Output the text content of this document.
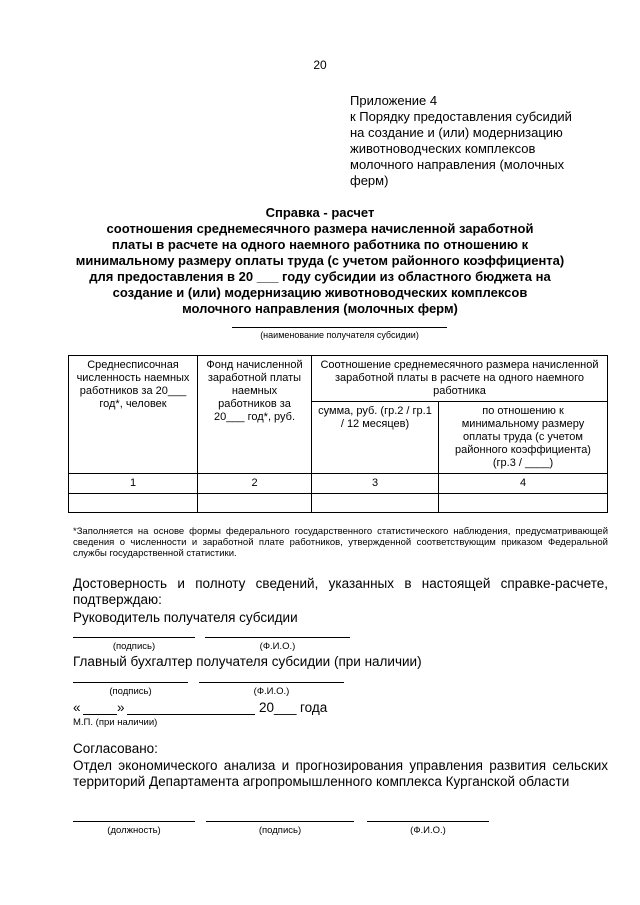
20
Приложение 4
к Порядку предоставления субсидий
на создание и (или) модернизацию
животноводческих комплексов
молочного направления (молочных
ферм)
Справка - расчет
соотношения среднемесячного размера начисленной заработной
платы в расчете на одного наемного работника по отношению к
минимальному размеру оплаты труда (с учетом районного коэффициента)
для предоставления в 20 ___ году субсидии из областного бюджета на
создание и (или) модернизацию животноводческих комплексов
молочного направления (молочных ферм)
(наименование получателя субсидии)
Среднесписочная численность наемных работников за 20___ год*, человек	Фонд начисленной заработной платы наемных работников за 20___ год*, руб.	Соотношение среднемесячного размера начисленной заработной платы в расчете на одного наемного работника	
		сумма, руб. (гр.2 / гр.1 / 12 месяцев)	по отношению к минимальному размеру оплаты труда (с учетом районного коэффициента) (гр.3 / ____)
1	2	3	4

*Заполняется на основе формы федерального государственного статистического наблюдения, предусматривающей сведения о численности и заработной плате работников, утвержденной соответствующим приказом Федеральной службы государственной статистики.
Достоверность и полноту сведений, указанных в настоящей справке-расчете, подтверждаю:
Руководитель получателя субсидии
(подпись)	(Ф.И.О.)
Главный бухгалтер получателя субсидии (при наличии)
(подпись)	(Ф.И.О.)
«	»	20___ года
М.П. (при наличии)
Согласовано:
Отдел экономического анализа и прогнозирования управления развития сельских территорий Департамента агропромышленного комплекса Курганской области
(должность)	(подпись)	(Ф.И.О.)
